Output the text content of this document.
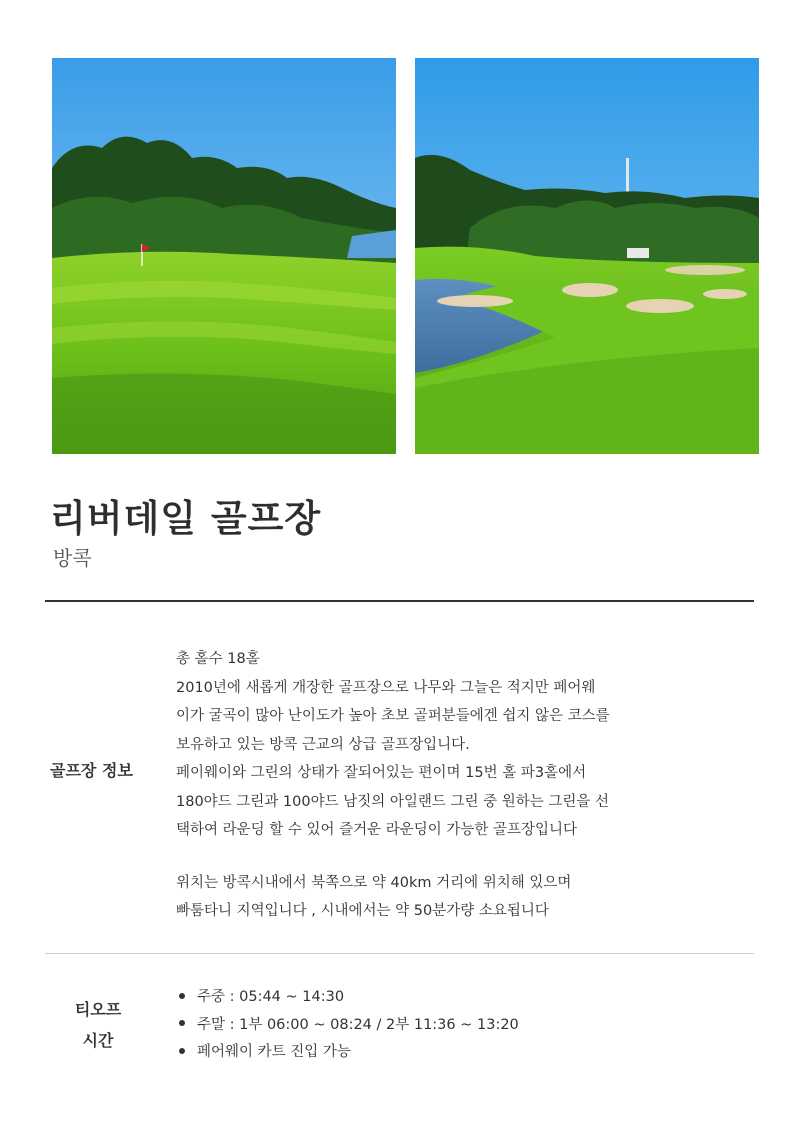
리버데일 골프장

방콕

골프장 정보
총 홀수 18홀
2010년에 새롭게 개장한 골프장으로 나무와 그늘은 적지만 페어웨
이가 굴곡이 많아 난이도가 높아 초보 골퍼분들에겐 쉽지 않은 코스를
보유하고 있는 방콕 근교의 상급 골프장입니다.
페이웨이와 그린의 상태가 잘되어있는 편이며 15번 홀 파3홀에서
180야드 그린과 100야드 남짓의 아일랜드 그린 중 원하는 그린을 선
택하여 라운딩 할 수 있어 즐거운 라운딩이 가능한 골프장입니다
위치는 방콕시내에서 북쪽으로 약 40km 거리에 위치해 있으며
빠툼타니 지역입니다 , 시내에서는 약 50분가량 소요됩니다
티오프
시간
주중 : 05:44 ~ 14:30
주말 : 1부 06:00 ~ 08:24 / 2부 11:36 ~ 13:20
페어웨이 카트 진입 가능
